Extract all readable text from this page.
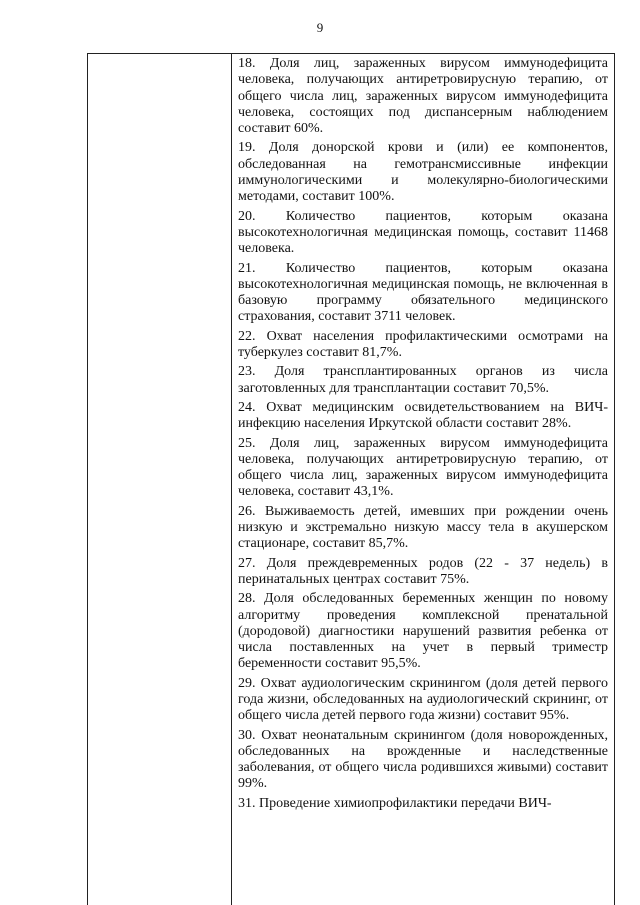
9
18. Доля лиц, зараженных вирусом иммунодефицита человека, получающих антиретровирусную терапию, от общего числа лиц, зараженных вирусом иммунодефицита человека, состоящих под диспансерным наблюдением составит 60%.
19. Доля донорской крови и (или) ее компонентов, обследованная на гемотрансмиссивные инфекции иммунологическими и молекулярно-биологическими методами, составит 100%.
20. Количество пациентов, которым оказана высокотехнологичная медицинская помощь, составит 11468 человека.
21. Количество пациентов, которым оказана высокотехнологичная медицинская помощь, не включенная в базовую программу обязательного медицинского страхования, составит 3711 человек.
22. Охват населения профилактическими осмотрами на туберкулез составит 81,7%.
23. Доля трансплантированных органов из числа заготовленных для трансплантации составит 70,5%.
24. Охват медицинским освидетельствованием на ВИЧ-инфекцию населения Иркутской области составит 28%.
25. Доля лиц, зараженных вирусом иммунодефицита человека, получающих антиретровирусную терапию, от общего числа лиц, зараженных вирусом иммунодефицита человека, составит 43,1%.
26. Выживаемость детей, имевших при рождении очень низкую и экстремально низкую массу тела в акушерском стационаре, составит 85,7%.
27. Доля преждевременных родов (22 - 37 недель) в перинатальных центрах составит 75%.
28. Доля обследованных беременных женщин по новому алгоритму проведения комплексной пренатальной (дородовой) диагностики нарушений развития ребенка от числа поставленных на учет в первый триместр беременности составит 95,5%.
29. Охват аудиологическим скринингом (доля детей первого года жизни, обследованных на аудиологический скрининг, от общего числа детей первого года жизни) составит 95%.
30. Охват неонатальным скринингом (доля новорожденных, обследованных на врожденные и наследственные заболевания, от общего числа родившихся живыми) составит 99%.
31. Проведение химиопрофилактики передачи ВИЧ-
